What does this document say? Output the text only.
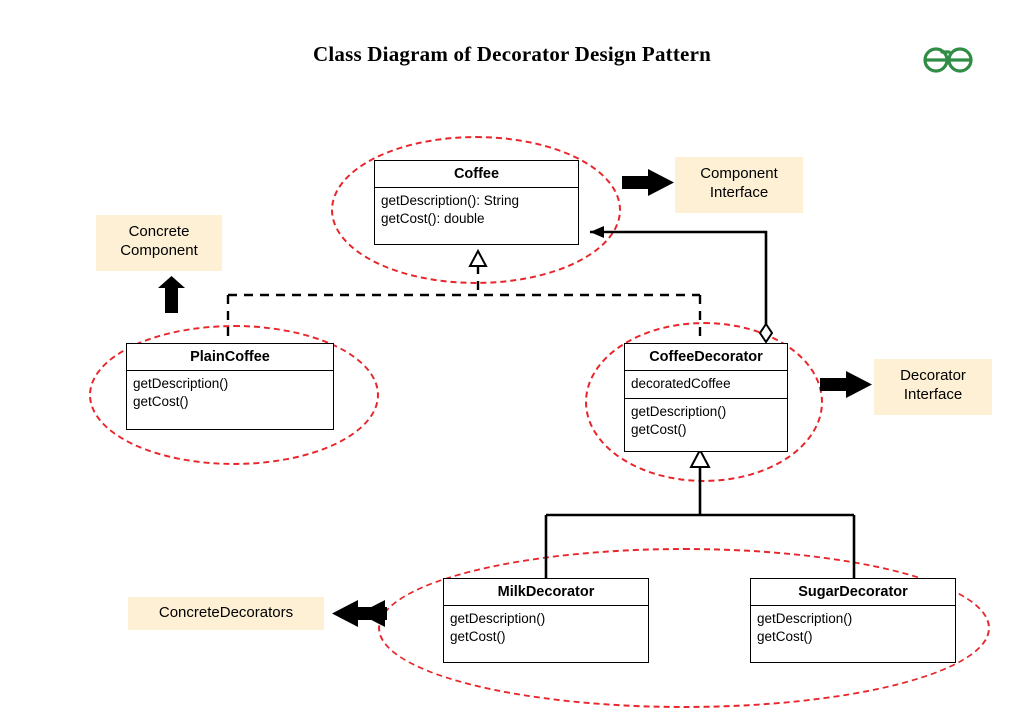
Class Diagram of Decorator Design Pattern
Coffee
getDescription(): String
getCost(): double
PlainCoffee
getDescription()
getCost()
CoffeeDecorator
decoratedCoffee
getDescription()
getCost()
MilkDecorator
getDescription()
getCost()
SugarDecorator
getDescription()
getCost()
Component
Interface
Concrete
Component
Decorator
Interface
ConcreteDecorators
